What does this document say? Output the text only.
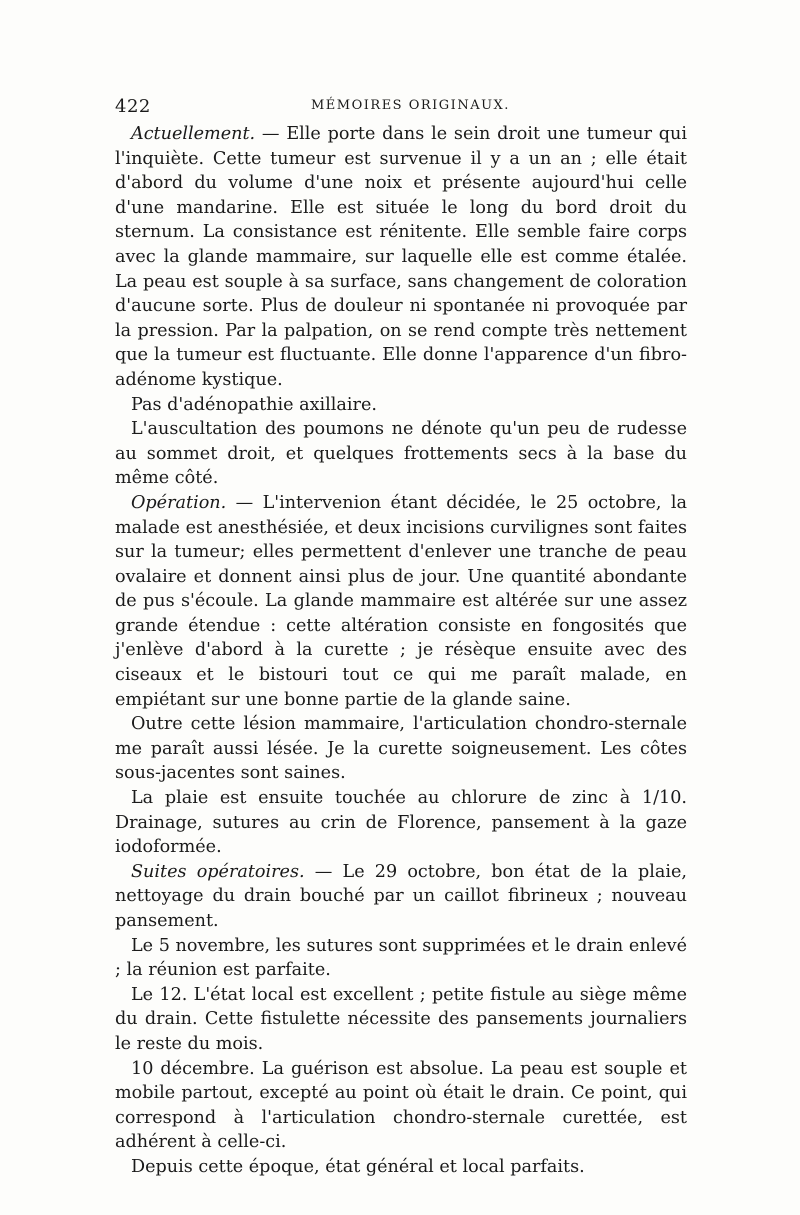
422	MÉMOIRES ORIGINAUX.

Actuellement. — Elle porte dans le sein droit une tumeur qui l'inquiète. Cette tumeur est survenue il y a un an ; elle était d'abord du volume d'une noix et présente aujourd'hui celle d'une mandarine. Elle est située le long du bord droit du sternum. La consistance est rénitente. Elle semble faire corps avec la glande mammaire, sur laquelle elle est comme étalée. La peau est souple à sa surface, sans changement de coloration d'aucune sorte. Plus de douleur ni spontanée ni provoquée par la pression. Par la palpation, on se rend compte très nettement que la tumeur est fluctuante. Elle donne l'apparence d'un fibro-adénome kystique.

Pas d'adénopathie axillaire.

L'auscultation des poumons ne dénote qu'un peu de rudesse au sommet droit, et quelques frottements secs à la base du même côté.

Opération. — L'intervenion étant décidée, le 25 octobre, la malade est anesthésiée, et deux incisions curvilignes sont faites sur la tumeur; elles permettent d'enlever une tranche de peau ovalaire et donnent ainsi plus de jour. Une quantité abondante de pus s'écoule. La glande mammaire est altérée sur une assez grande étendue : cette altération consiste en fongosités que j'enlève d'abord à la curette ; je résèque ensuite avec des ciseaux et le bistouri tout ce qui me paraît malade, en empiétant sur une bonne partie de la glande saine.

Outre cette lésion mammaire, l'articulation chondro-sternale me paraît aussi lésée. Je la curette soigneusement. Les côtes sous-jacentes sont saines.

La plaie est ensuite touchée au chlorure de zinc à 1/10. Drainage, sutures au crin de Florence, pansement à la gaze iodoformée.

Suites opératoires. — Le 29 octobre, bon état de la plaie, nettoyage du drain bouché par un caillot fibrineux ; nouveau pansement.

Le 5 novembre, les sutures sont supprimées et le drain enlevé ; la réunion est parfaite.

Le 12. L'état local est excellent ; petite fistule au siège même du drain. Cette fistulette nécessite des pansements journaliers le reste du mois.

10 décembre. La guérison est absolue. La peau est souple et mobile partout, excepté au point où était le drain. Ce point, qui correspond à l'articulation chondro-sternale curettée, est adhérent à celle-ci.

Depuis cette époque, état général et local parfaits.
